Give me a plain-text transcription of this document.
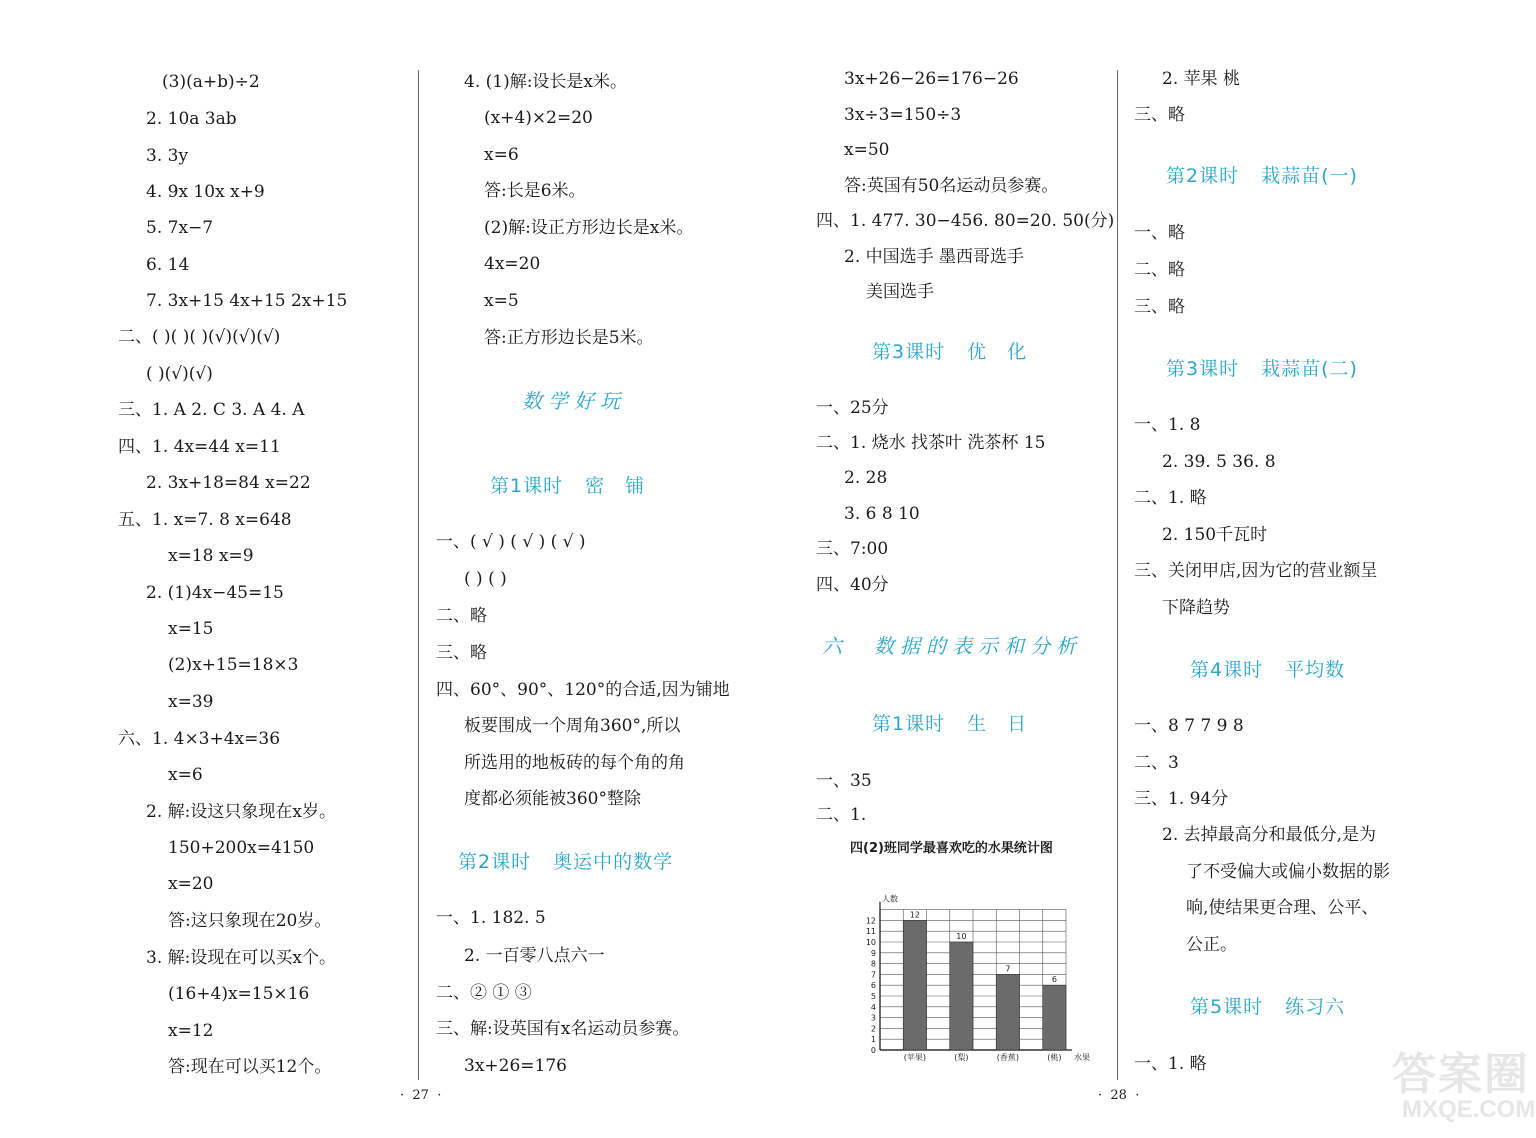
(3)(a+b)÷2
2. 10a 3ab
3. 3y
4. 9x 10x x+9
5. 7x−7
6. 14
7. 3x+15 4x+15 2x+15
二、( )( )( )(√)(√)(√)
( )(√)(√)
三、1. A 2. C 3. A 4. A
四、1. 4x=44 x=11
2. 3x+18=84 x=22
五、1. x=7. 8 x=648
x=18 x=9
2. (1)4x−45=15
x=15
(2)x+15=18×3
x=39
六、1. 4×3+4x=36
x=6
2. 解:设这只象现在x岁。
150+200x=4150
x=20
答:这只象现在20岁。
3. 解:设现在可以买x个。
(16+4)x=15×16
x=12
答:现在可以买12个。
·  27  ·
4. (1)解:设长是x米。
(x+4)×2=20
x=6
答:长是6米。
(2)解:设正方形边长是x米。
4x=20
x=5
答:正方形边长是5米。
数学好玩
第1课时 密　铺
一、( √ ) ( √ ) ( √ )
( ) ( )
二、略
三、略
四、60°、90°、120°的合适,因为铺地
板要围成一个周角360°,所以
所选用的地板砖的每个角的角
度都必须能被360°整除
第2课时 奥运中的数学
一、1. 182. 5
2. 一百零八点六一
二、② ① ③
三、解:设英国有x名运动员参赛。
3x+26=176
3x+26−26=176−26
3x÷3=150÷3
x=50
答:英国有50名运动员参赛。
四、1. 477. 30−456. 80=20. 50(分)
2. 中国选手 墨西哥选手
美国选手
第3课时 优　化
一、25分
二、1. 烧水 找茶叶 洗茶杯 15
2. 28
3. 6 8 10
三、7:00
四、40分
六 数据的表示和分析
第1课时 生　日
一、35
二、1.
四(2)班同学最喜欢吃的水果统计图
0
1
2
3
4
5
6
7
8
9
10
11
12
人数
水果
12
(苹果)
10
(梨)
7
(香蕉)
6
(桃)
·  28  ·
2. 苹果 桃
三、略
第2课时 栽蒜苗(一)
一、略
二、略
三、略
第3课时 栽蒜苗(二)
一、1. 8
2. 39. 5 36. 8
二、1. 略
2. 150千瓦时
三、关闭甲店,因为它的营业额呈
下降趋势
第4课时 平均数
一、8 7 7 9 8
二、3
三、1. 94分
2. 去掉最高分和最低分,是为
了不受偏大或偏小数据的影
响,使结果更合理、公平、
公正。
第5课时 练习六
一、1. 略	答案圈
MXQE.COM
